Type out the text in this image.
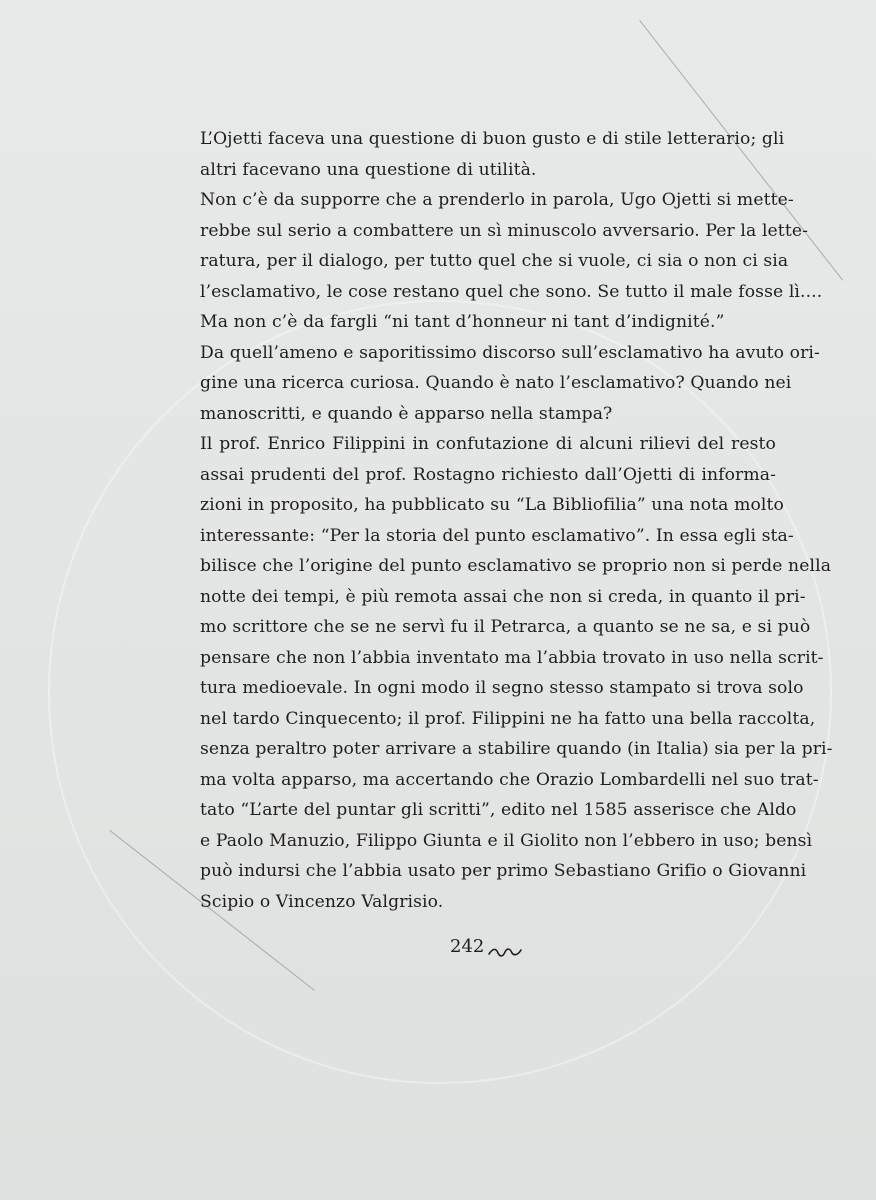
L’Ojetti faceva una questione di buon gusto e di stile letterario; gli
altri facevano una questione di utilità.
Non c’è da supporre che a prenderlo in parola, Ugo Ojetti si mette-
rebbe sul serio a combattere un sì minuscolo avversario. Per la lette-
ratura, per il dialogo, per tutto quel che si vuole, ci sia o non ci sia
l’esclamativo, le cose restano quel che sono. Se tutto il male fosse lì....
Ma non c’è da fargli “ni tant d’honneur ni tant d’indignité.”
Da quell’ameno e saporitissimo discorso sull’esclamativo ha avuto ori-
gine una ricerca curiosa. Quando è nato l’esclamativo? Quando nei
manoscritti, e quando è apparso nella stampa?
Il prof. Enrico Filippini in confutazione di alcuni rilievi del resto
assai prudenti del prof. Rostagno richiesto dall’Ojetti di informa-
zioni in proposito, ha pubblicato su “La Bibliofilia” una nota molto
interessante: “Per la storia del punto esclamativo”. In essa egli sta-
bilisce che l’origine del punto esclamativo se proprio non si perde nella
notte dei tempi, è più remota assai che non si creda, in quanto il pri-
mo scrittore che se ne servì fu il Petrarca, a quanto se ne sa, e si può
pensare che non l’abbia inventato ma l’abbia trovato in uso nella scrit-
tura medioevale. In ogni modo il segno stesso stampato si trova solo
nel tardo Cinquecento; il prof. Filippini ne ha fatto una bella raccolta,
senza peraltro poter arrivare a stabilire quando (in Italia) sia per la pri-
ma volta apparso, ma accertando che Orazio Lombardelli nel suo trat-
tato “L’arte del puntar gli scritti”, edito nel 1585 asserisce che Aldo
e Paolo Manuzio, Filippo Giunta e il Giolito non l’ebbero in uso; bensì
può indursi che l’abbia usato per primo Sebastiano Grifio o Giovanni
Scipio o Vincenzo Valgrisio.
242
